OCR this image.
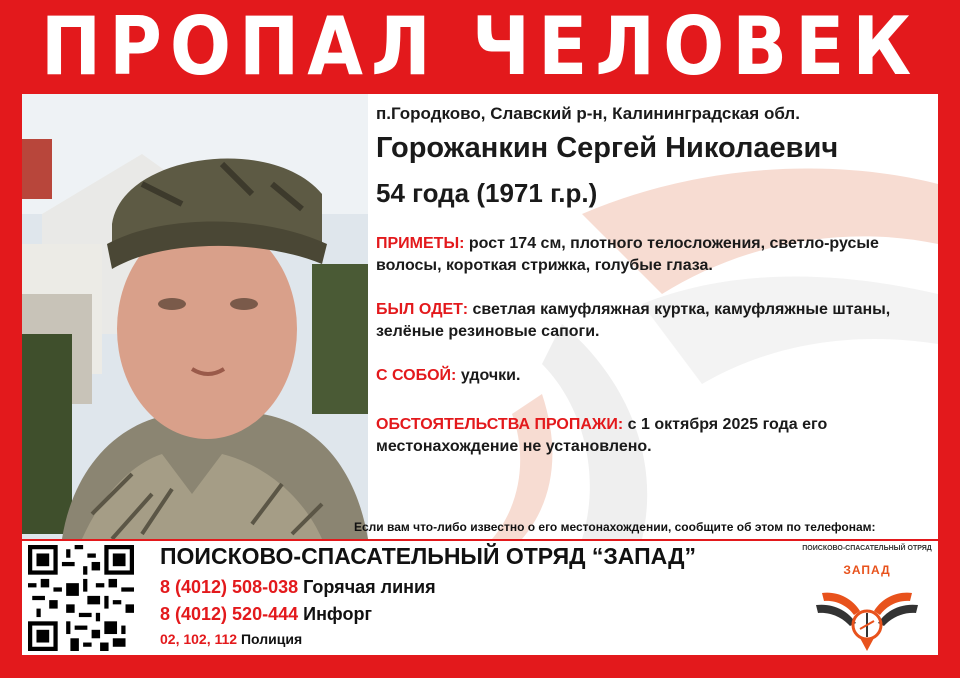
ПРОПАЛ ЧЕЛОВЕК
п.Городково, Славский р-н, Калининградская обл.
Горожанкин Сергей Николаевич
54 года (1971 г.р.)
ПРИМЕТЫ: рост 174 см, плотного телосложения, светло-русые волосы, короткая стрижка, голубые глаза.
БЫЛ ОДЕТ: светлая камуфляжная куртка, камуфляжные штаны, зелёные резиновые сапоги.
С СОБОЙ: удочки.
ОБСТОЯТЕЛЬСТВА ПРОПАЖИ: с 1 октября 2025 года его местонахождение не установлено.
Если вам что-либо известно о его местонахождении, сообщите об этом по телефонам:
ПОИСКОВО-СПАСАТЕЛЬНЫЙ ОТРЯД “ЗАПАД”
8 (4012) 508-038 Горячая линия
8 (4012) 520-444 Инфорг
02, 102, 112 Полиция
ПОИСКОВО-СПАСАТЕЛЬНЫЙ ОТРЯД
ЗАПАД
